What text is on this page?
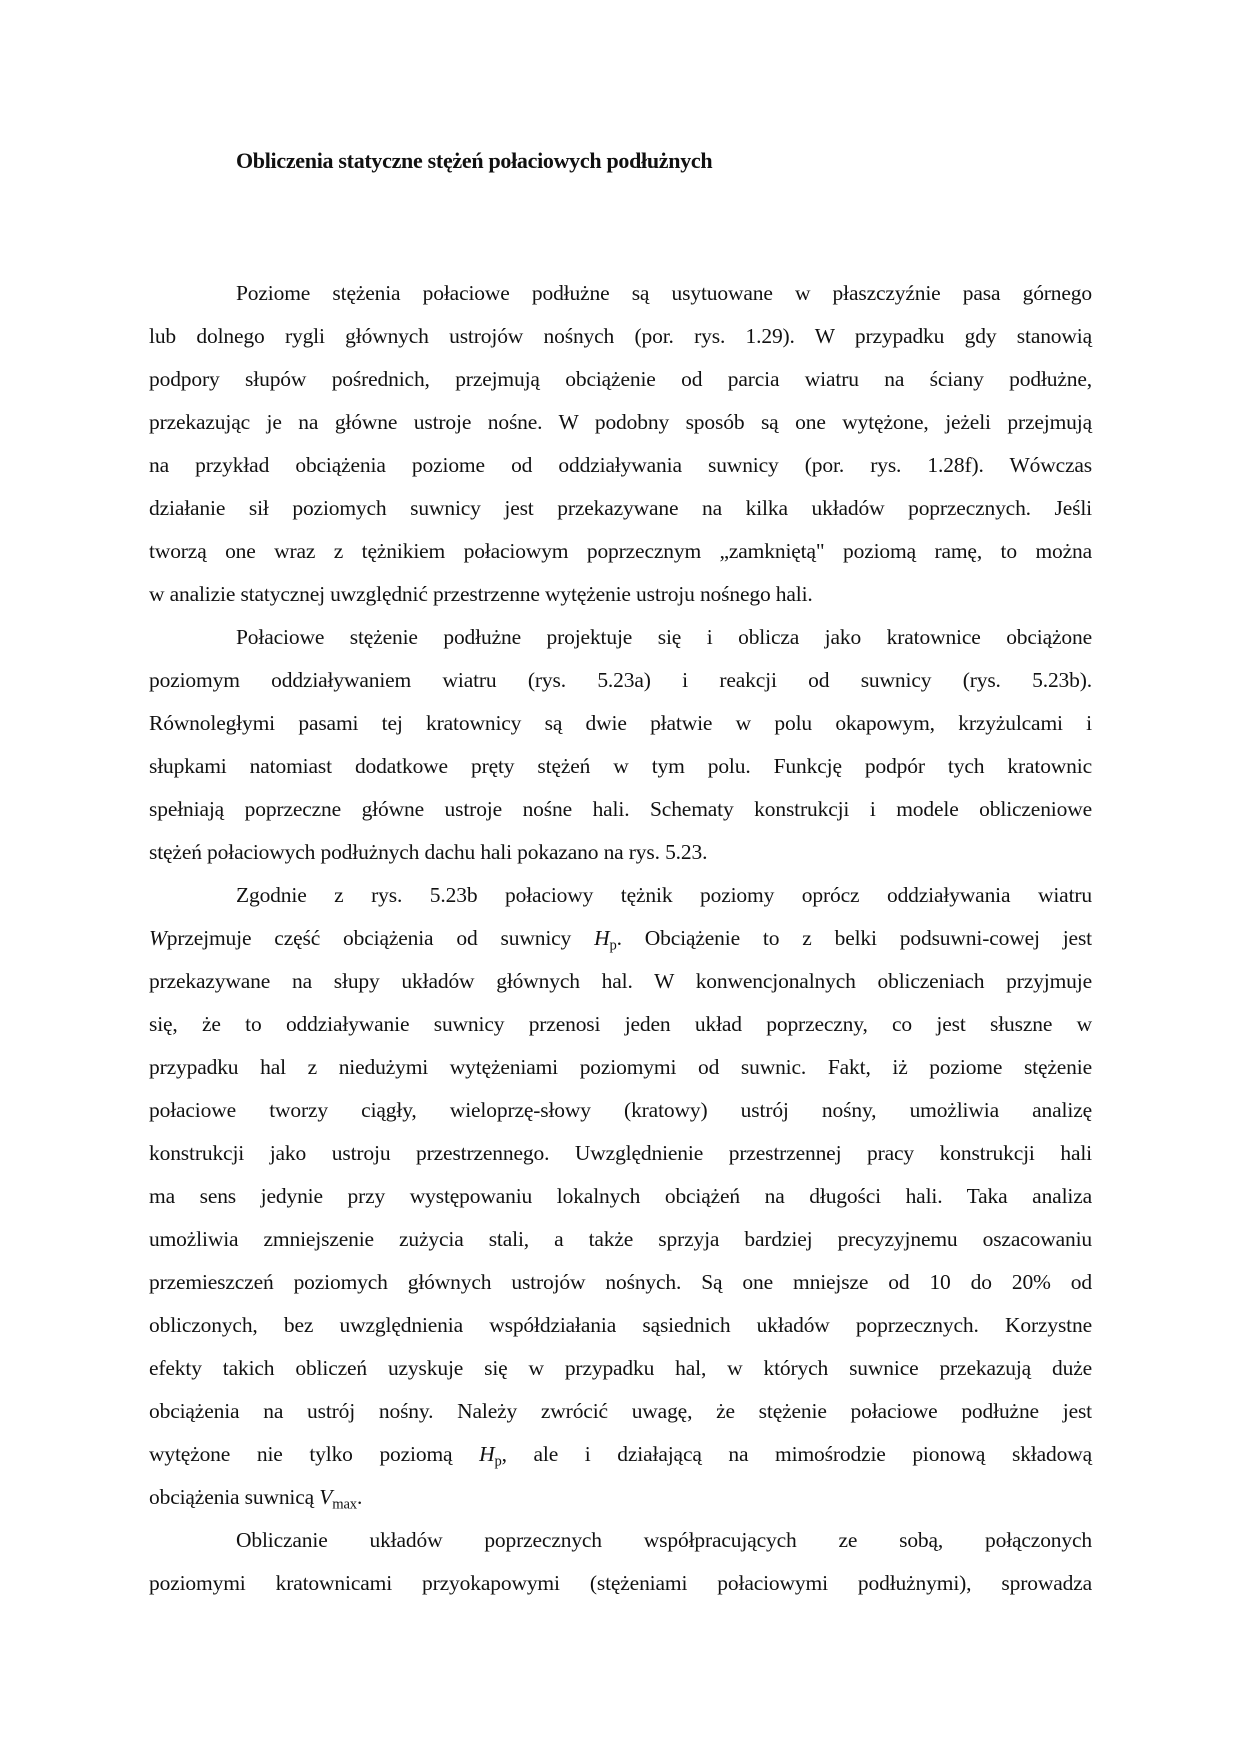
Obliczenia statyczne stężeń połaciowych podłużnych
Poziome stężenia połaciowe podłużne są usytuowane w płaszczyźnie pasa górnego
lub dolnego rygli głównych ustrojów nośnych (por. rys. 1.29). W przypadku gdy stanowią
podpory słupów pośrednich, przejmują obciążenie od parcia wiatru na ściany podłużne,
przekazując je na główne ustroje nośne. W podobny sposób są one wytężone, jeżeli przejmują
na przykład obciążenia poziome od oddziaływania suwnicy (por. rys. 1.28f). Wówczas
działanie sił poziomych suwnicy jest przekazywane na kilka układów poprzecznych. Jeśli
tworzą one wraz z tężnikiem połaciowym poprzecznym „zamkniętą" poziomą ramę, to można
w analizie statycznej uwzględnić przestrzenne wytężenie ustroju nośnego hali.
Połaciowe stężenie podłużne projektuje się i oblicza jako kratownice obciążone
poziomym oddziaływaniem wiatru (rys. 5.23a) i reakcji od suwnicy (rys. 5.23b).
Równoległymi pasami tej kratownicy są dwie płatwie w polu okapowym, krzyżulcami i
słupkami natomiast dodatkowe pręty stężeń w tym polu. Funkcję podpór tych kratownic
spełniają poprzeczne główne ustroje nośne hali. Schematy konstrukcji i modele obliczeniowe
stężeń połaciowych podłużnych dachu hali pokazano na rys. 5.23.
Zgodnie z rys. 5.23b połaciowy tężnik poziomy oprócz oddziaływania wiatru
Wprzejmuje część obciążenia od suwnicy $H_p$. Obciążenie to z belki podsuwni-cowej jest
przekazywane na słupy układów głównych hal. W konwencjonalnych obliczeniach przyjmuje
się, że to oddziaływanie suwnicy przenosi jeden układ poprzeczny, co jest słuszne w
przypadku hal z niedużymi wytężeniami poziomymi od suwnic. Fakt, iż poziome stężenie
połaciowe tworzy ciągły, wieloprzę-słowy (kratowy) ustrój nośny, umożliwia analizę
konstrukcji jako ustroju przestrzennego. Uwzględnienie przestrzennej pracy konstrukcji hali
ma sens jedynie przy występowaniu lokalnych obciążeń na długości hali. Taka analiza
umożliwia zmniejszenie zużycia stali, a także sprzyja bardziej precyzyjnemu oszacowaniu
przemieszczeń poziomych głównych ustrojów nośnych. Są one mniejsze od 10 do 20% od
obliczonych, bez uwzględnienia współdziałania sąsiednich układów poprzecznych. Korzystne
efekty takich obliczeń uzyskuje się w przypadku hal, w których suwnice przekazują duże
obciążenia na ustrój nośny. Należy zwrócić uwagę, że stężenie połaciowe podłużne jest
wytężone nie tylko poziomą $H_p$, ale i działającą na mimośrodzie pionową składową
obciążenia suwnicą $V_{max}$.
Obliczanie układów poprzecznych współpracujących ze sobą, połączonych
poziomymi kratownicami przyokapowymi (stężeniami połaciowymi podłużnymi), sprowadza
